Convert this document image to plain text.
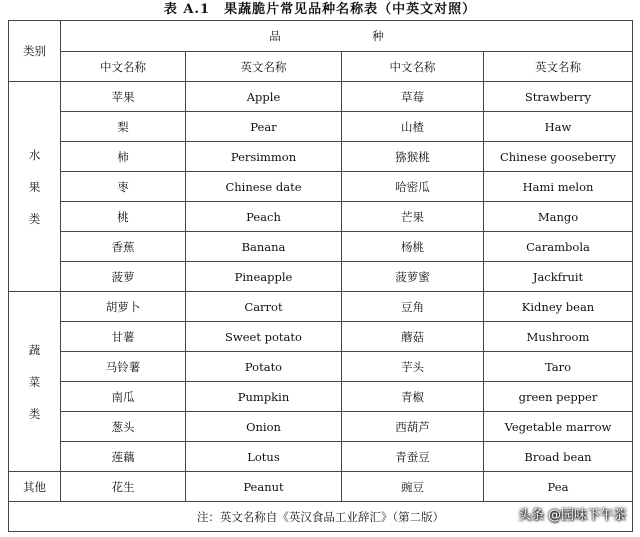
表 A.1　果蔬脆片常见品种名称表（中英文对照）
类别	品　种			
	中文名称	英文名称	中文名称	英文名称
水

果

类	苹果	Apple	草莓	Strawberry
	梨	Pear	山楂	Haw
	柿	Persimmon	猕猴桃	Chinese gooseberry
	枣	Chinese date	哈密瓜	Hami melon
	桃	Peach	芒果	Mango
	香蕉	Banana	杨桃	Carambola
	菠萝	Pineapple	菠萝蜜	Jackfruit
蔬

菜

类	胡萝卜	Carrot	豆角	Kidney bean
	甘薯	Sweet potato	蘑菇	Mushroom
	马铃薯	Potato	芋头	Taro
	南瓜	Pumpkin	青椒	green pepper
	葱头	Onion	西葫芦	Vegetable marrow
	莲藕	Lotus	青蚕豆	Broad bean
其他	花生	Peanut	豌豆	Pea
注：英文名称自《英汉食品工业辞汇》（第二版）					头条 @园味下午茶
